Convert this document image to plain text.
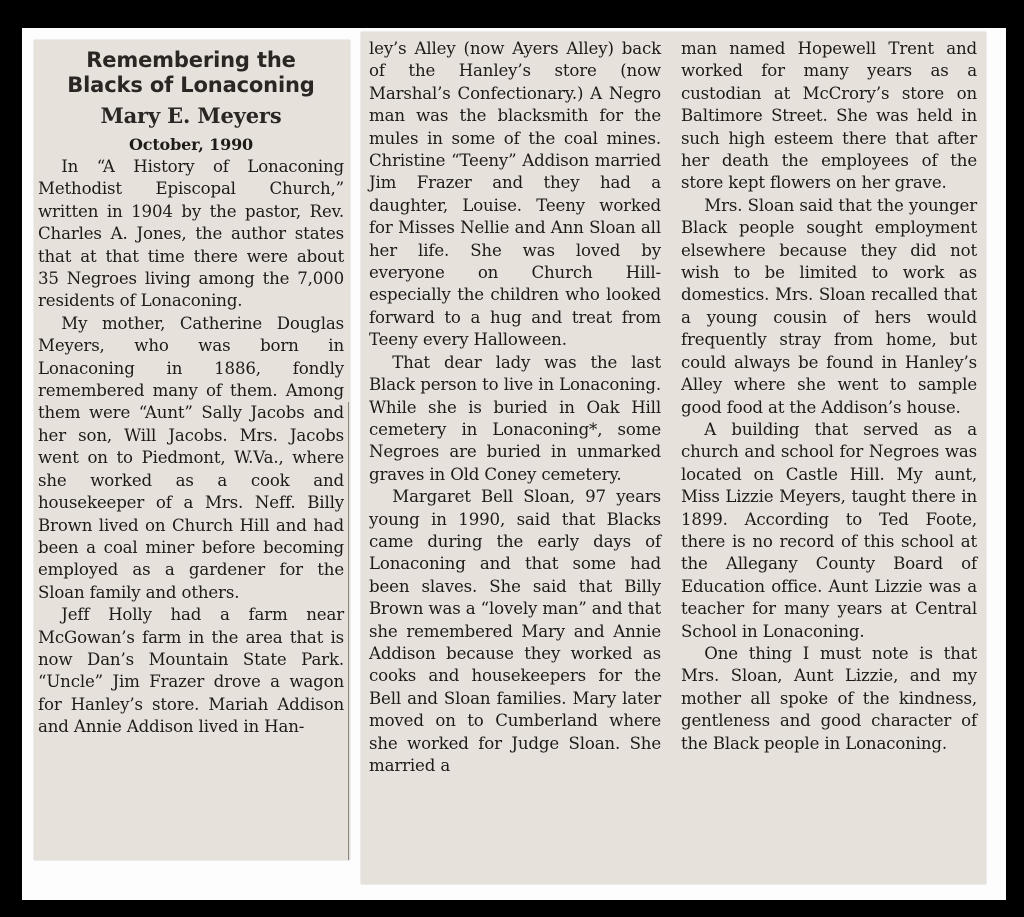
Remembering the
Blacks of Lonaconing
Mary E. Meyers
October, 1990

In “A History of Lonaconing Methodist Episcopal Church,” written in 1904 by the pastor, Rev. Charles A. Jones, the author states that at that time there were about 35 Negroes living among the 7,000 residents of Lonaconing.

My mother, Catherine Douglas Meyers, who was born in Lonaconing in 1886, fondly remembered many of them. Among them were “Aunt” Sally Jacobs and her son, Will Jacobs. Mrs. Jacobs went on to Piedmont, W.Va., where she worked as a cook and housekeeper of a Mrs. Neff. Billy Brown lived on Church Hill and had been a coal miner before becoming employed as a gardener for the Sloan family and others.

Jeff Holly had a farm near McGowan’s farm in the area that is now Dan’s Mountain State Park. “Uncle” Jim Frazer drove a wagon for Hanley’s store. Mariah Addison and Annie Addison lived in Han-

ley’s Alley (now Ayers Alley) back of the Hanley’s store (now Marshal’s Confectionary.) A Negro man was the blacksmith for the mules in some of the coal mines. Christine “Teeny” Addison married Jim Frazer and they had a daughter, Louise. Teeny worked for Misses Nellie and Ann Sloan all her life. She was loved by everyone on Church Hill- especially the children who looked forward to a hug and treat from Teeny every Halloween.

That dear lady was the last Black person to live in Lonaconing. While she is buried in Oak Hill cemetery in Lonaconing*, some Negroes are buried in unmarked graves in Old Coney cemetery.

Margaret Bell Sloan, 97 years young in 1990, said that Blacks came during the early days of Lonaconing and that some had been slaves. She said that Billy Brown was a “lovely man” and that she remembered Mary and Annie Addison because they worked as cooks and housekeepers for the Bell and Sloan families. Mary later moved on to Cumberland where she worked for Judge Sloan. She married a

man named Hopewell Trent and worked for many years as a custodian at McCrory’s store on Baltimore Street. She was held in such high esteem there that after her death the employees of the store kept flowers on her grave.

Mrs. Sloan said that the younger Black people sought employment elsewhere because they did not wish to be limited to work as domestics. Mrs. Sloan recalled that a young cousin of hers would frequently stray from home, but could always be found in Hanley’s Alley where she went to sample good food at the Addison’s house.

A building that served as a church and school for Negroes was located on Castle Hill. My aunt, Miss Lizzie Meyers, taught there in 1899. According to Ted Foote, there is no record of this school at the Allegany County Board of Education office. Aunt Lizzie was a teacher for many years at Central School in Lonaconing.

One thing I must note is that Mrs. Sloan, Aunt Lizzie, and my mother all spoke of the kindness, gentleness and good character of the Black people in Lonaconing.
